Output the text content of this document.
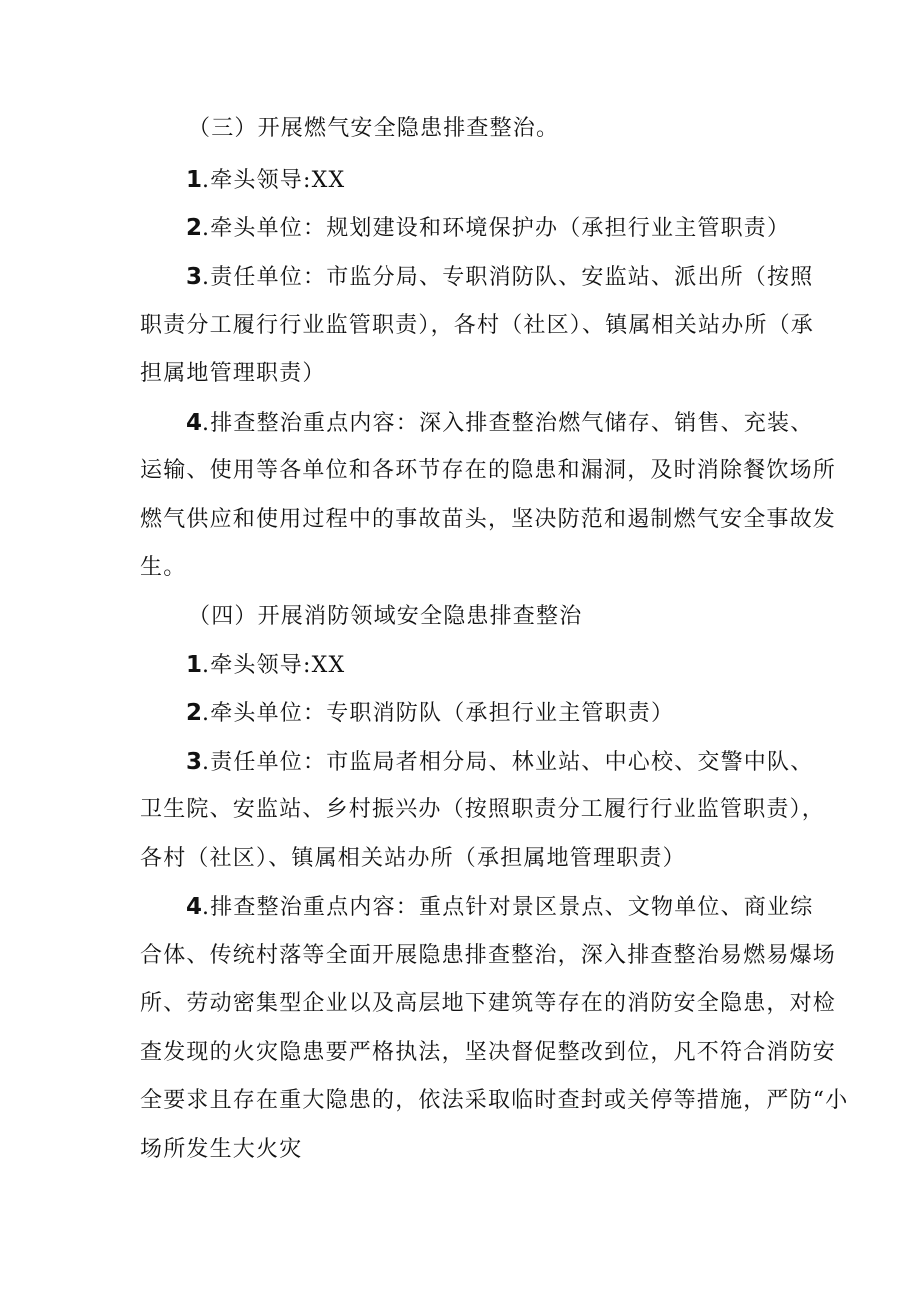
（三）开展燃气安全隐患排查整治。
1.牵头领导:XX
2.牵头单位：规划建设和环境保护办（承担行业主管职责）
3.责任单位：市监分局、专职消防队、安监站、派出所（按照
职责分工履行行业监管职责），各村（社区）、镇属相关站办所（承
担属地管理职责）
4.排查整治重点内容：深入排查整治燃气储存、销售、充装、
运输、使用等各单位和各环节存在的隐患和漏洞，及时消除餐饮场所
燃气供应和使用过程中的事故苗头，坚决防范和遏制燃气安全事故发
生。
（四）开展消防领域安全隐患排查整治
1.牵头领导:XX
2.牵头单位：专职消防队（承担行业主管职责）
3.责任单位：市监局者相分局、林业站、中心校、交警中队、
卫生院、安监站、乡村振兴办（按照职责分工履行行业监管职责），
各村（社区）、镇属相关站办所（承担属地管理职责）
4.排查整治重点内容：重点针对景区景点、文物单位、商业综
合体、传统村落等全面开展隐患排查整治，深入排查整治易燃易爆场
所、劳动密集型企业以及高层地下建筑等存在的消防安全隐患，对检
查发现的火灾隐患要严格执法，坚决督促整改到位，凡不符合消防安
全要求且存在重大隐患的，依法采取临时查封或关停等措施，严防“小
场所发生大火灾
